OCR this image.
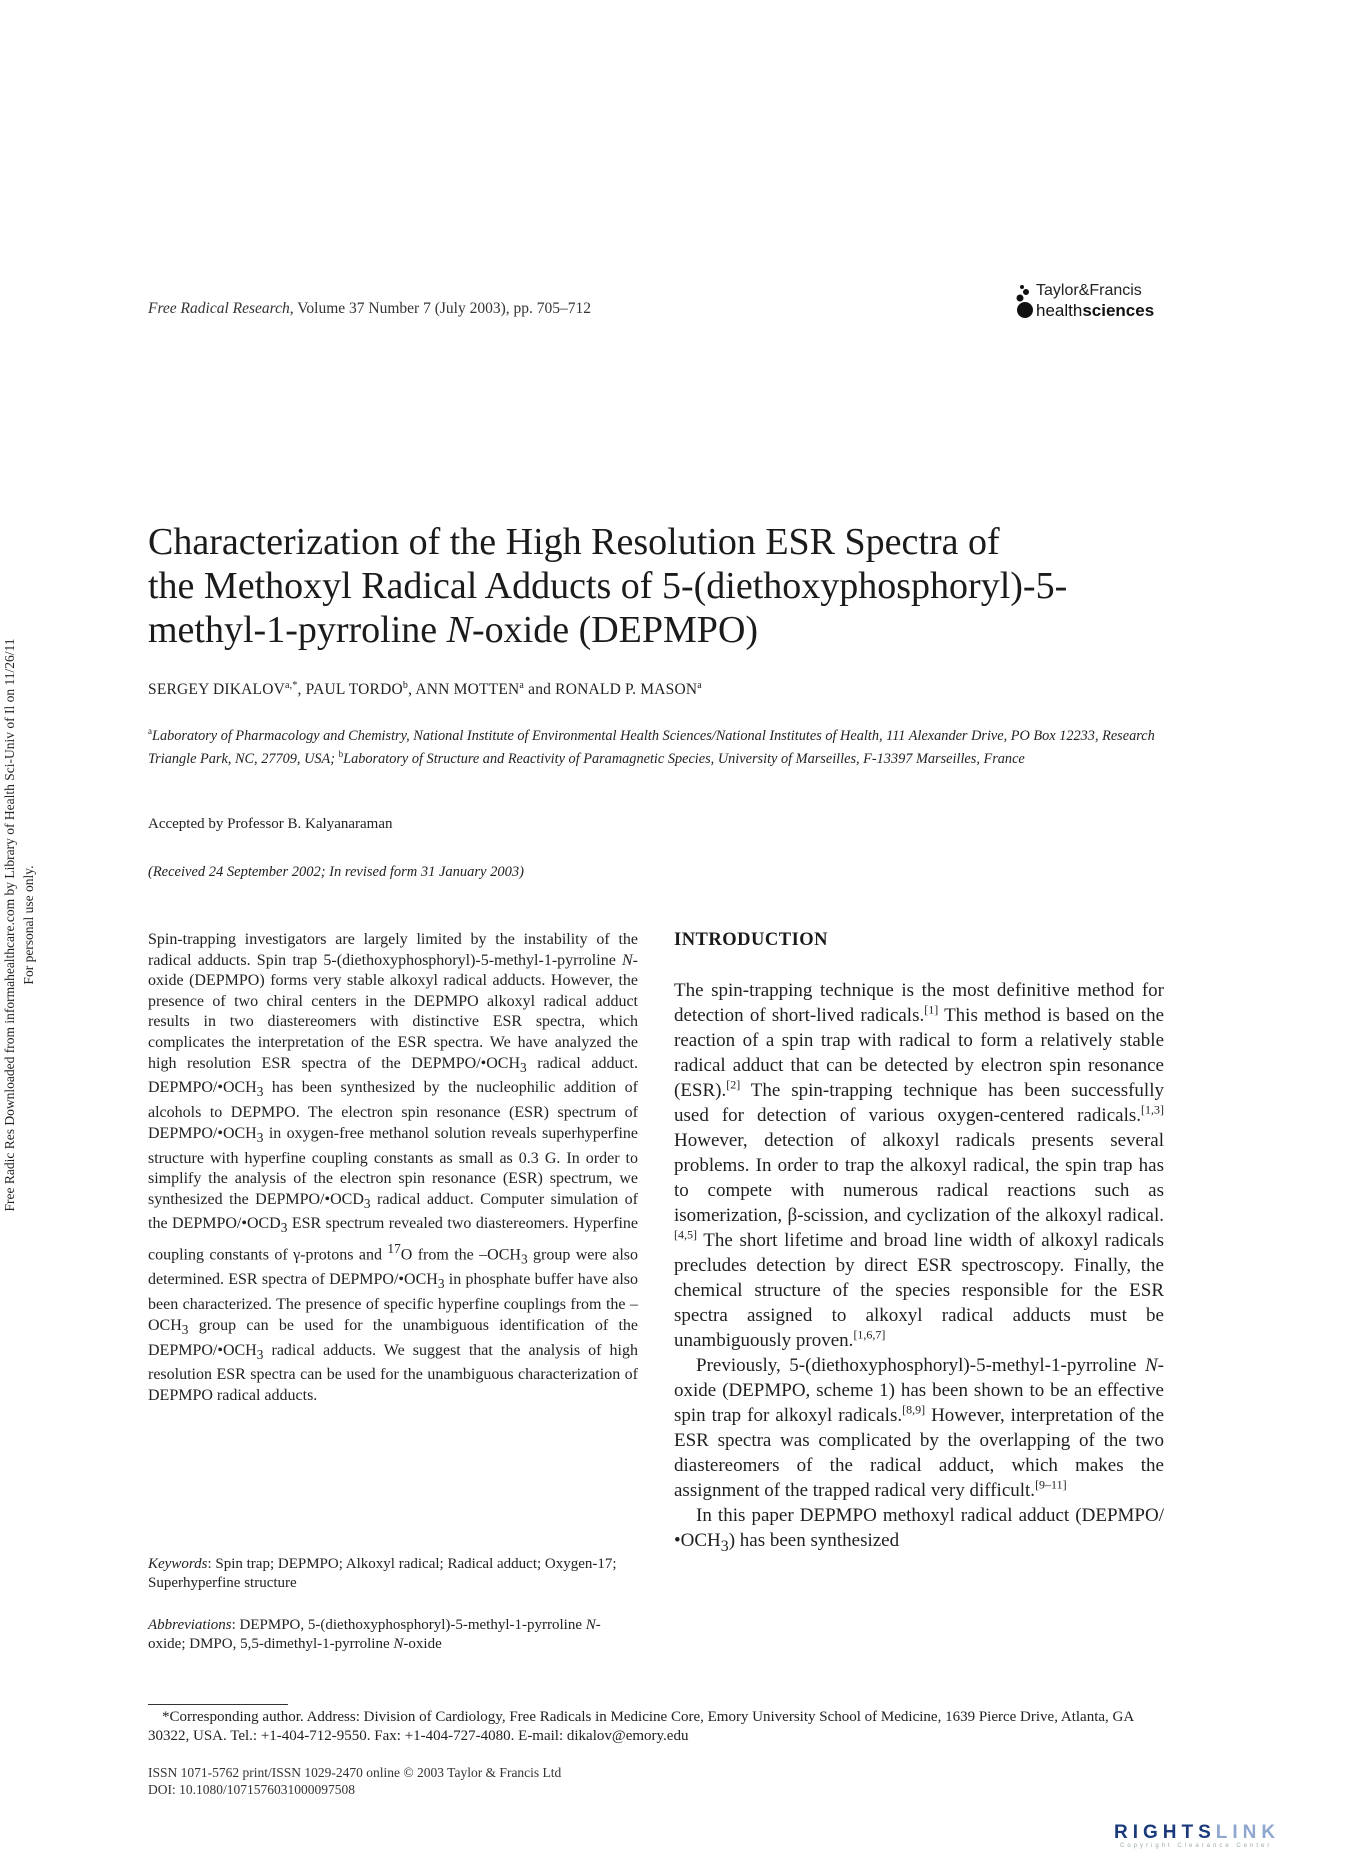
Free Radical Research, Volume 37 Number 7 (July 2003), pp. 705–712
Taylor&Francis
healthsciences
Free Radic Res Downloaded from informahealthcare.com by Library of Health Sci-Univ of Il on 11/26/11 For personal use only.
Characterization of the High Resolution ESR Spectra of
the Methoxyl Radical Adducts of 5-(diethoxyphosphoryl)-5-
methyl-1-pyrroline N-oxide (DEPMPO)
SERGEY $DIKALOV^{a,*}$, PAUL TORDO$^b$, ANN MOTTEN$^a$ and RONALD P. MASON$^a$
$^a$Laboratory of Pharmacology and Chemistry, National Institute of Environmental Health Sciences/National Institutes of Health, 111 Alexander Drive, PO Box 12233, Research Triangle Park, NC, 27709, USA; $^b$Laboratory of Structure and Reactivity of Paramagnetic Species, University of Marseilles, F-13397 Marseilles, France
Accepted by Professor B. Kalyanaraman
(Received 24 September 2002; In revised form 31 January 2003)
Spin-trapping investigators are largely limited by the instability of the radical adducts. Spin trap 5-(diethoxyphosphoryl)-5-methyl-1-pyrroline N-oxide (DEPMPO) forms very stable alkoxyl radical adducts. However, the presence of two chiral centers in the DEPMPO alkoxyl radical adduct results in two diastereomers with distinctive ESR spectra, which complicates the interpretation of the ESR spectra. We have analyzed the high resolution ESR spectra of the DEPMPO/$•OCH_3$ radical adduct. DEPMPO/$•OCH_3$ has been synthesized by the nucleophilic addition of alcohols to DEPMPO. The electron spin resonance (ESR) spectrum of DEPMPO/$•OCH_3$ in oxygen-free methanol solution reveals superhyperfine structure with hyperfine coupling constants as small as 0.3 G. In order to simplify the analysis of the electron spin resonance (ESR) spectrum, we synthesized the DEPMPO/$•OCD_3$ radical adduct. Computer simulation of the DEPMPO/$•OCD_3$ ESR spectrum revealed two diastereomers. Hyperfine coupling constants of γ-protons and $^{17}$O from the $-OCH_3$ group were also determined. ESR spectra of DEPMPO/$•OCH_3$ in phosphate buffer have also been characterized. The presence of specific hyperfine couplings from the $-OCH_3$ group can be used for the unambiguous identification of the DEPMPO/$•OCH_3$ radical adducts. We suggest that the analysis of high resolution ESR spectra can be used for the unambiguous characterization of DEPMPO radical adducts.
Keywords: Spin trap; DEPMPO; Alkoxyl radical; Radical adduct; Oxygen-17; Superhyperfine structure
Abbreviations: DEPMPO, 5-(diethoxyphosphoryl)-5-methyl-1-pyrroline N-oxide; DMPO, 5,5-dimethyl-1-pyrroline N-oxide
INTRODUCTION

The spin-trapping technique is the most definitive method for detection of short-lived radicals.[1] This method is based on the reaction of a spin trap with radical to form a relatively stable radical adduct that can be detected by electron spin resonance (ESR).[2] The spin-trapping technique has been successfully used for detection of various oxygen-centered radicals.[1,3] However, detection of alkoxyl radicals presents several problems. In order to trap the alkoxyl radical, the spin trap has to compete with numerous radical reactions such as isomerization, β-scission, and cyclization of the alkoxyl radical.[4,5] The short lifetime and broad line width of alkoxyl radicals precludes detection by direct ESR spectroscopy. Finally, the chemical structure of the species responsible for the ESR spectra assigned to alkoxyl radical adducts must be unambiguously proven.[1,6,7]

Previously, 5-(diethoxyphosphoryl)-5-methyl-1-pyrroline N-oxide (DEPMPO, scheme 1) has been shown to be an effective spin trap for alkoxyl radicals.[8,9] However, interpretation of the ESR spectra was complicated by the overlapping of the two diastereomers of the radical adduct, which makes the assignment of the trapped radical very difficult.[9–11]

In this paper DEPMPO methoxyl radical adduct $(DEPMPO/•OCH_3)$ has been synthesized

*Corresponding author. Address: Division of Cardiology, Free Radicals in Medicine Core, Emory University School of Medicine, 1639 Pierce Drive, Atlanta, GA 30322, USA. Tel.: +1-404-712-9550. Fax: +1-404-727-4080. E-mail: dikalov@emory.edu
ISSN 1071-5762 print/ISSN 1029-2470 online © 2003 Taylor & Francis Ltd
DOI: 10.1080/1071576031000097508
RIGHTSLINK
Copyright Clearance Center
